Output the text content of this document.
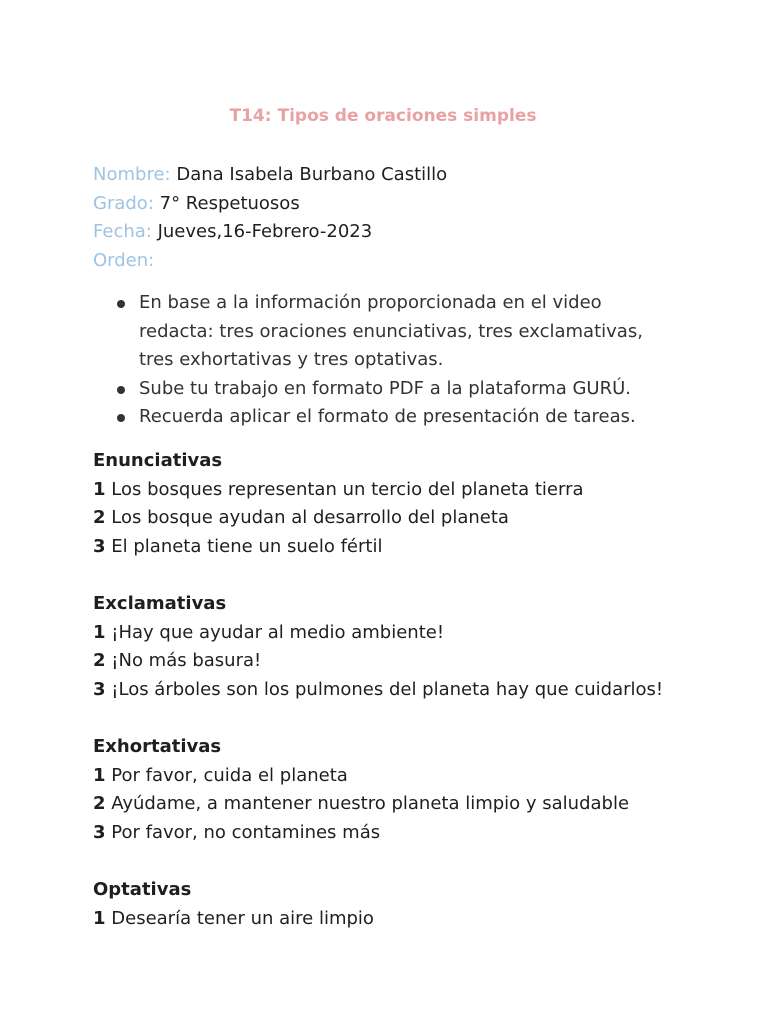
T14: Tipos de oraciones simples
Nombre: Dana Isabela Burbano Castillo
Grado: 7° Respetuosos
Fecha: Jueves,16-Febrero-2023
Orden:
En base a la información proporcionada en el video redacta: tres oraciones enunciativas, tres exclamativas, tres exhortativas y tres optativas.
Sube tu trabajo en formato PDF a la plataforma GURÚ.
Recuerda aplicar el formato de presentación de tareas.
Enunciativas
1 Los bosques representan un tercio del planeta tierra
2 Los bosque ayudan al desarrollo del planeta
3 El planeta tiene un suelo fértil
Exclamativas
1 ¡Hay que ayudar al medio ambiente!
2 ¡No más basura!
3 ¡Los árboles son los pulmones del planeta hay que cuidarlos!
Exhortativas
1 Por favor, cuida el planeta
2 Ayúdame, a mantener nuestro planeta limpio y saludable
3 Por favor, no contamines más
Optativas
1 Desearía tener un aire limpio
